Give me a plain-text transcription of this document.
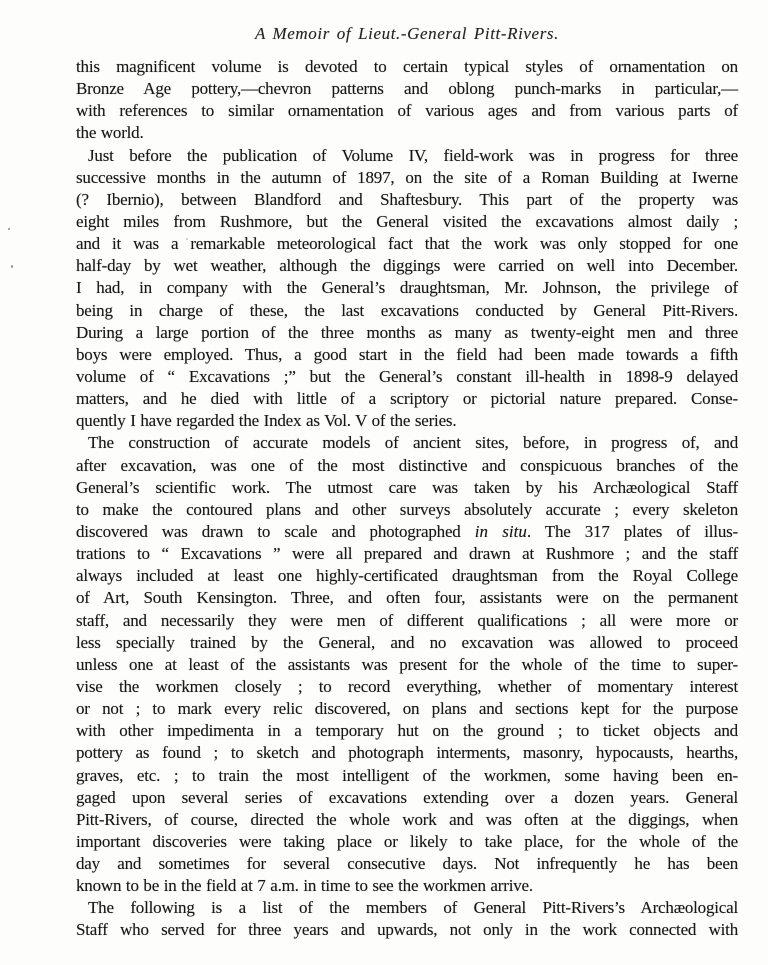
A Memoir of Lieut.-General Pitt-Rivers.
this magnificent volume is devoted to certain typical styles of ornamentation on
Bronze Age pottery,—chevron patterns and oblong punch-marks in particular,—
with references to similar ornamentation of various ages and from various parts of
the world.
Just before the publication of Volume IV, field-work was in progress for three
successive months in the autumn of 1897, on the site of a Roman Building at Iwerne
(? Ibernio), between Blandford and Shaftesbury. This part of the property was
eight miles from Rushmore, but the General visited the excavations almost daily ;
and it was a remarkable meteorological fact that the work was only stopped for one
half-day by wet weather, although the diggings were carried on well into December.
I had, in company with the General’s draughtsman, Mr. Johnson, the privilege of
being in charge of these, the last excavations conducted by General Pitt-Rivers.
During a large portion of the three months as many as twenty-eight men and three
boys were employed. Thus, a good start in the field had been made towards a fifth
volume of “ Excavations ;” but the General’s constant ill-health in 1898-9 delayed
matters, and he died with little of a scriptory or pictorial nature prepared. Conse-
quently I have regarded the Index as Vol. V of the series.
The construction of accurate models of ancient sites, before, in progress of, and
after excavation, was one of the most distinctive and conspicuous branches of the
General’s scientific work. The utmost care was taken by his Archæological Staff
to make the contoured plans and other surveys absolutely accurate ; every skeleton
discovered was drawn to scale and photographed in situ. The 317 plates of illus-
trations to “ Excavations ” were all prepared and drawn at Rushmore ; and the staff
always included at least one highly-certificated draughtsman from the Royal College
of Art, South Kensington. Three, and often four, assistants were on the permanent
staff, and necessarily they were men of different qualifications ; all were more or
less specially trained by the General, and no excavation was allowed to proceed
unless one at least of the assistants was present for the whole of the time to super-
vise the workmen closely ; to record everything, whether of momentary interest
or not ; to mark every relic discovered, on plans and sections kept for the purpose
with other impedimenta in a temporary hut on the ground ; to ticket objects and
pottery as found ; to sketch and photograph interments, masonry, hypocausts, hearths,
graves, etc. ; to train the most intelligent of the workmen, some having been en-
gaged upon several series of excavations extending over a dozen years. General
Pitt-Rivers, of course, directed the whole work and was often at the diggings, when
important discoveries were taking place or likely to take place, for the whole of the
day and sometimes for several consecutive days. Not infrequently he has been
known to be in the field at 7 a.m. in time to see the workmen arrive.
The following is a list of the members of General Pitt-Rivers’s Archæological
Staff who served for three years and upwards, not only in the work connected with
